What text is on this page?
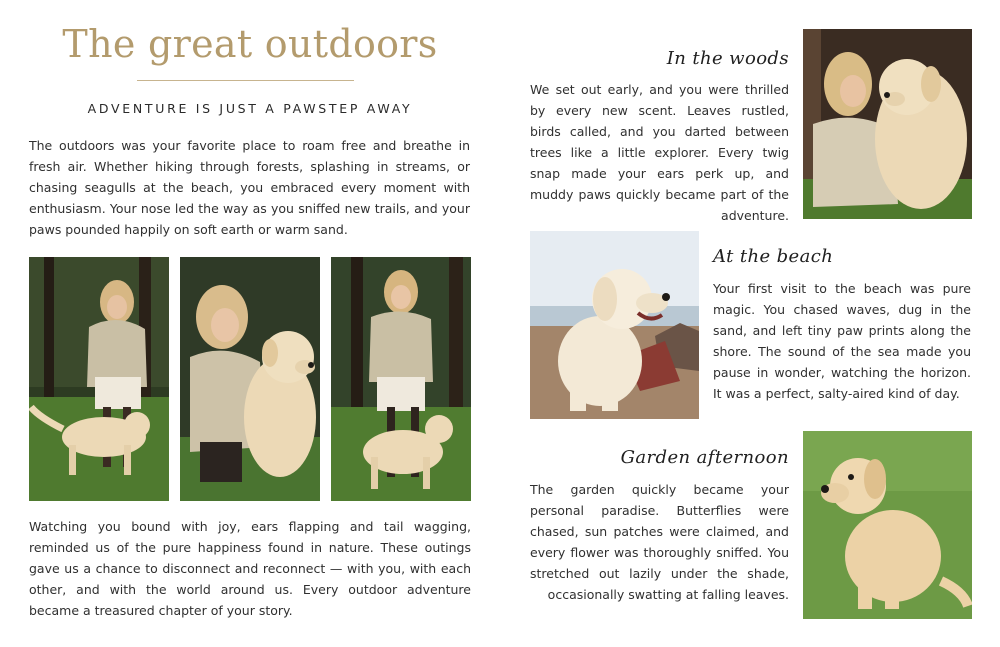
The great outdoors
ADVENTURE IS JUST A PAWSTEP AWAY

The outdoors was your favorite place to roam free and breathe in fresh air. Whether hiking through forests, splashing in streams, or chasing seagulls at the beach, you embraced every moment with enthusiasm. Your nose led the way as you sniffed new trails, and your paws pounded happily on soft earth or warm sand.

Watching you bound with joy, ears flapping and tail wagging, reminded us of the pure happiness found in nature. These outings gave us a chance to disconnect and reconnect — with you, with each other, and with the world around us. Every outdoor adventure became a treasured chapter of your story.

In the woods

We set out early, and you were thrilled by every new scent. Leaves rustled, birds called, and you darted between trees like a little explorer. Every twig snap made your ears perk up, and muddy paws quickly became part of the adventure.

At the beach

Your first visit to the beach was pure magic. You chased waves, dug in the sand, and left tiny paw prints along the shore. The sound of the sea made you pause in wonder, watching the horizon. It was a perfect, salty-aired kind of day.

Garden afternoon

The garden quickly became your personal paradise. Butterflies were chased, sun patches were claimed, and every flower was thoroughly sniffed. You stretched out lazily under the shade, occasionally swatting at falling leaves.
